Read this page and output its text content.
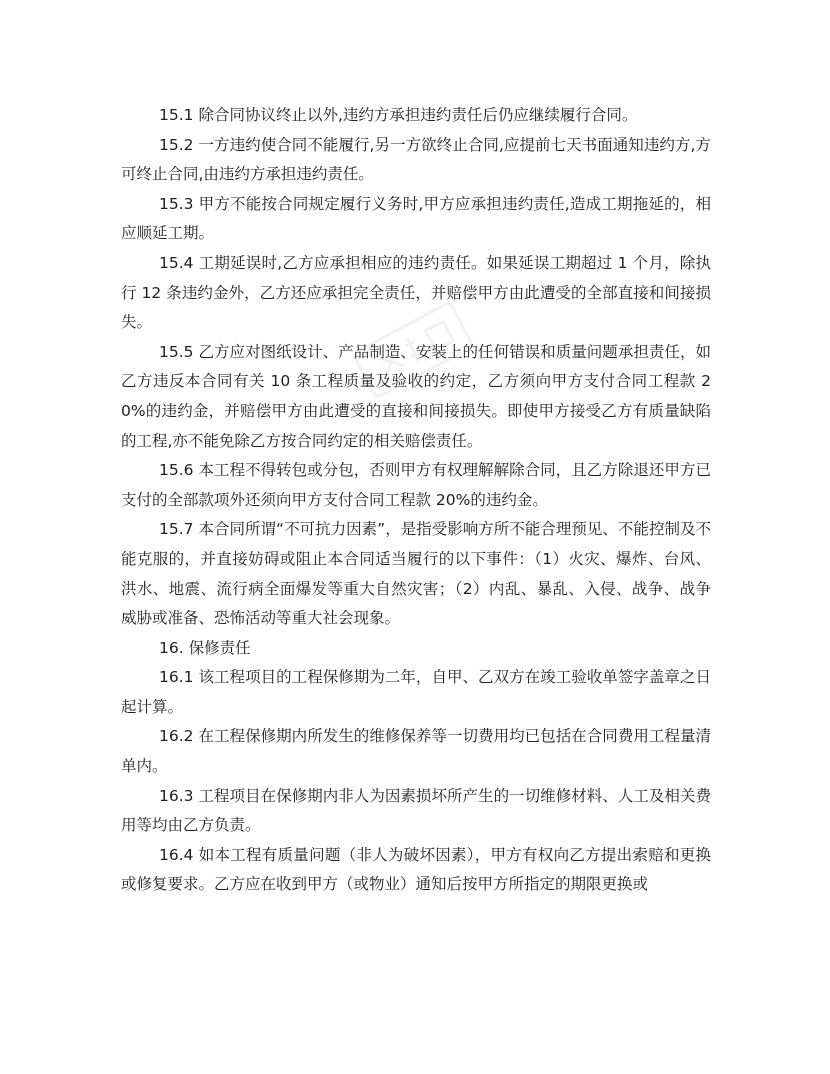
15.1 除合同协议终止以外,违约方承担违约责任后仍应继续履行合同。

15.2 一方违约使合同不能履行,另一方欲终止合同,应提前七天书面通知违约方,方可终止合同,由违约方承担违约责任。

15.3 甲方不能按合同规定履行义务时,甲方应承担违约责任,造成工期拖延的，相应顺延工期。

15.4 工期延误时,乙方应承担相应的违约责任。如果延误工期超过 1 个月，除执行 12 条违约金外，乙方还应承担完全责任，并赔偿甲方由此遭受的全部直接和间接损失。

15.5 乙方应对图纸设计、产品制造、安装上的任何错误和质量问题承担责任，如乙方违反本合同有关 10 条工程质量及验收的约定，乙方须向甲方支付合同工程款 20%的违约金，并赔偿甲方由此遭受的直接和间接损失。即使甲方接受乙方有质量缺陷的工程,亦不能免除乙方按合同约定的相关赔偿责任。

15.6 本工程不得转包或分包，否则甲方有权理解解除合同，且乙方除退还甲方已支付的全部款项外还须向甲方支付合同工程款 20%的违约金。

15.7 本合同所谓“不可抗力因素”，是指受影响方所不能合理预见、不能控制及不能克服的，并直接妨碍或阻止本合同适当履行的以下事件：（1）火灾、爆炸、台风、洪水、地震、流行病全面爆发等重大自然灾害；（2）内乱、暴乱、入侵、战争、战争威胁或准备、恐怖活动等重大社会现象。

16. 保修责任

16.1 该工程项目的工程保修期为二年，自甲、乙双方在竣工验收单签字盖章之日起计算。

16.2 在工程保修期内所发生的维修保养等一切费用均已包括在合同费用工程量清单内。

16.3 工程项目在保修期内非人为因素损坏所产生的一切维修材料、人工及相关费用等均由乙方负责。

16.4 如本工程有质量问题（非人为破坏因素），甲方有权向乙方提出索赔和更换或修复要求。乙方应在收到甲方（或物业）通知后按甲方所指定的期限更换或
